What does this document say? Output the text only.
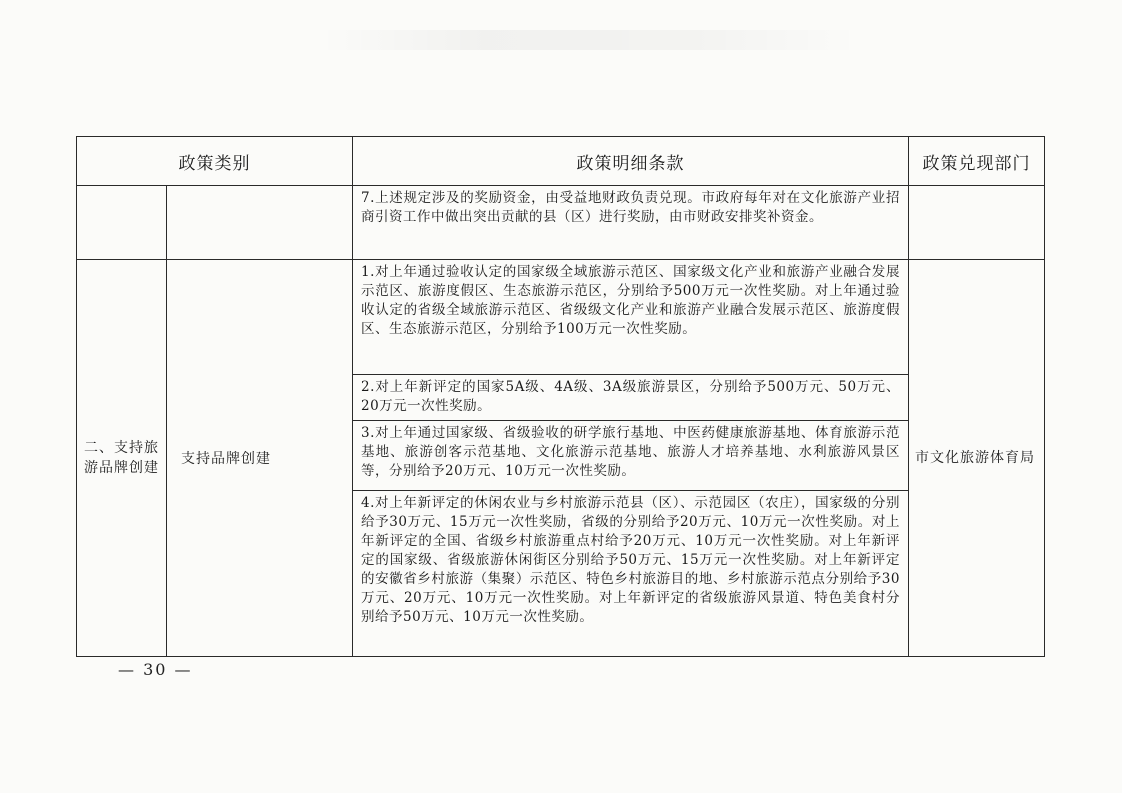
政策类别		政策明细条款	政策兑现部门
		7.上述规定涉及的奖励资金，由受益地财政负责兑现。市政府每年对在文化旅游产业招商引资工作中做出突出贡献的县（区）进行奖励，由市财政安排奖补资金。	
二、支持旅游品牌创建	支持品牌创建	1.对上年通过验收认定的国家级全域旅游示范区、国家级文化产业和旅游产业融合发展示范区、旅游度假区、生态旅游示范区，分别给予500万元一次性奖励。对上年通过验收认定的省级全域旅游示范区、省级级文化产业和旅游产业融合发展示范区、旅游度假区、生态旅游示范区，分别给予100万元一次性奖励。	市文化旅游体育局
		2.对上年新评定的国家5A级、4A级、3A级旅游景区，分别给予500万元、50万元、20万元一次性奖励。	
		3.对上年通过国家级、省级验收的研学旅行基地、中医药健康旅游基地、体育旅游示范基地、旅游创客示范基地、文化旅游示范基地、旅游人才培养基地、水利旅游风景区等，分别给予20万元、10万元一次性奖励。	
		4.对上年新评定的休闲农业与乡村旅游示范县（区）、示范园区（农庄），国家级的分别给予30万元、15万元一次性奖励，省级的分别给予20万元、10万元一次性奖励。对上年新评定的全国、省级乡村旅游重点村给予20万元、10万元一次性奖励。对上年新评定的国家级、省级旅游休闲街区分别给予50万元、15万元一次性奖励。对上年新评定的安徽省乡村旅游（集聚）示范区、特色乡村旅游目的地、乡村旅游示范点分别给予30万元、20万元、10万元一次性奖励。对上年新评定的省级旅游风景道、特色美食村分别给予50万元、10万元一次性奖励。	
— 30 —
